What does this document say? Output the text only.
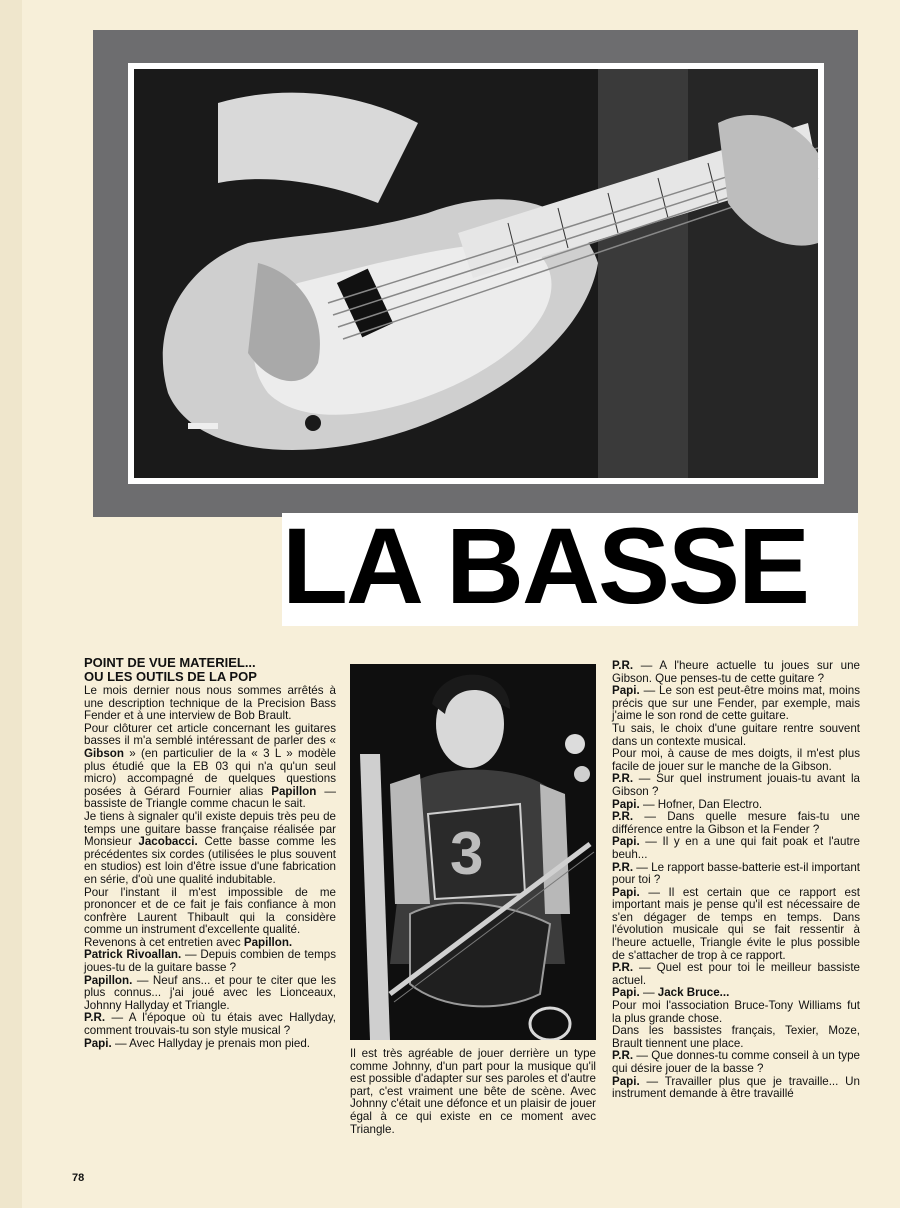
LA BASSE
POINT DE VUE MATERIEL...
OU LES OUTILS DE LA POP

Le mois dernier nous nous sommes arrêtés à une description technique de la Precision Bass Fender et à une interview de Bob Brault.

Pour clôturer cet article concernant les guitares basses il m'a semblé intéressant de parler des « Gibson » (en particulier de la « 3 L » modèle plus étudié que la EB 03 qui n'a qu'un seul micro) accompagné de quelques questions posées à Gérard Fournier alias Papillon — bassiste de Triangle comme chacun le sait.

Je tiens à signaler qu'il existe depuis très peu de temps une guitare basse française réalisée par Monsieur Jacobacci. Cette basse comme les précédentes six cordes (utilisées le plus souvent en studios) est loin d'être issue d'une fabrication en série, d'où une qualité indubitable.

Pour l'instant il m'est impossible de me prononcer et de ce fait je fais confiance à mon confrère Laurent Thibault qui la considère comme un instrument d'excellente qualité.

Revenons à cet entretien avec Papillon.

Patrick Rivoallan. — Depuis combien de temps joues-tu de la guitare basse ?

Papillon. — Neuf ans... et pour te citer que les plus connus... j'ai joué avec les Lionceaux, Johnny Hallyday et Triangle.

P.R. — A l'époque où tu étais avec Hallyday, comment trouvais-tu son style musical ?

Papi. — Avec Hallyday je prenais mon pied.

3

Il est très agréable de jouer derrière un type comme Johnny, d'un part pour la musique qu'il est possible d'adapter sur ses paroles et d'autre part, c'est vraiment une bête de scène. Avec Johnny c'était une défonce et un plaisir de jouer égal à ce qui existe en ce moment avec Triangle.

P.R. — A l'heure actuelle tu joues sur une Gibson. Que penses-tu de cette guitare ?

Papi. — Le son est peut-être moins mat, moins précis que sur une Fender, par exemple, mais j'aime le son rond de cette guitare.

Tu sais, le choix d'une guitare rentre souvent dans un contexte musical.

Pour moi, à cause de mes doigts, il m'est plus facile de jouer sur le manche de la Gibson.

P.R. — Sur quel instrument jouais-tu avant la Gibson ?

Papi. — Hofner, Dan Electro.

P.R. — Dans quelle mesure fais-tu une différence entre la Gibson et la Fender ?

Papi. — Il y en a une qui fait poak et l'autre beuh...

P.R. — Le rapport basse-batterie est-il important pour toi ?

Papi. — Il est certain que ce rapport est important mais je pense qu'il est nécessaire de s'en dégager de temps en temps. Dans l'évolution musicale qui se fait ressentir à l'heure actuelle, Triangle évite le plus possible de s'attacher de trop à ce rapport.

P.R. — Quel est pour toi le meilleur bassiste actuel.

Papi. — Jack Bruce...

Pour moi l'association Bruce-Tony Williams fut la plus grande chose.

Dans les bassistes français, Texier, Moze, Brault tiennent une place.

P.R. — Que donnes-tu comme conseil à un type qui désire jouer de la basse ?

Papi. — Travailler plus que je travaille... Un instrument demande à être travaillé

78
